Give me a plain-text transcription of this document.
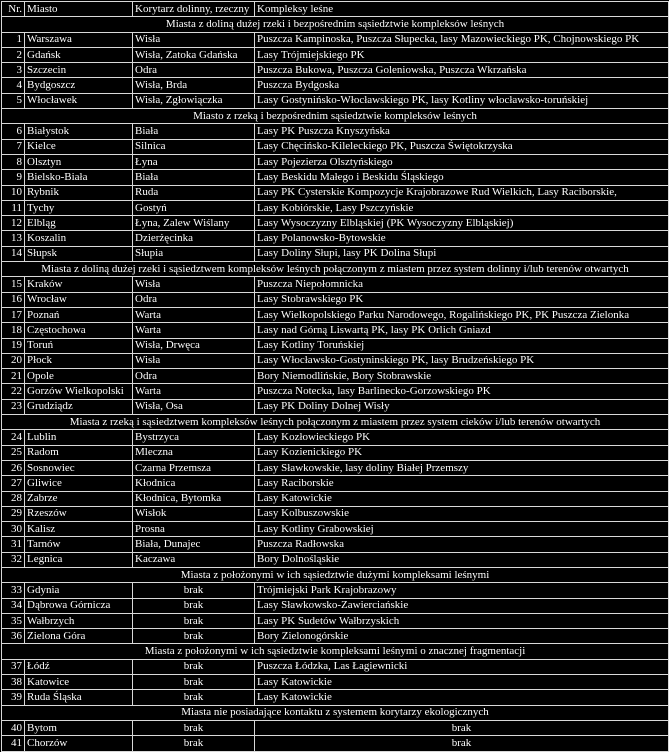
Nr.	Miasto	Korytarz dolinny, rzeczny	Kompleksy leśne
Miasta z doliną dużej rzeki i bezpośrednim sąsiedztwie kompleksów leśnych			
1	Warszawa	Wisła	Puszcza Kampinoska, Puszcza Słupecka, lasy Mazowieckiego PK, Chojnowskiego PK
2	Gdańsk	Wisła, Zatoka Gdańska	Lasy Trójmiejskiego PK
3	Szczecin	Odra	Puszcza Bukowa, Puszcza Goleniowska, Puszcza Wkrzańska
4	Bydgoszcz	Wisła, Brda	Puszcza Bydgoska
5	Włocławek	Wisła, Zgłowiączka	Lasy Gostynińsko-Włocławskiego PK, lasy Kotliny włocławsko-toruńskiej
Miasto z rzeką i bezpośrednim sąsiedztwie kompleksów leśnych			
6	Białystok	Biała	Lasy PK Puszcza Knyszyńska
7	Kielce	Silnica	Lasy Chęcińsko-Kileleckiego PK, Puszcza Świętokrzyska
8	Olsztyn	Łyna	Lasy Pojezierza Olsztyńskiego
9	Bielsko-Biała	Biała	Lasy Beskidu Małego i Beskidu Śląskiego
10	Rybnik	Ruda	Lasy PK Cysterskie Kompozycje Krajobrazowe Rud Wielkich, Lasy Raciborskie,
11	Tychy	Gostyń	Lasy Kobiórskie, Lasy Pszczyńskie
12	Elbląg	Łyna, Zalew Wiślany	Lasy Wysoczyzny Elbląskiej (PK Wysoczyzny Elbląskiej)
13	Koszalin	Dzierżęcinka	Lasy Polanowsko-Bytowskie
14	Słupsk	Słupia	Lasy Doliny Słupi, lasy PK Dolina Słupi
Miasta z doliną dużej rzeki i sąsiedztwem kompleksów leśnych połączonym z miastem przez system dolinny i/lub terenów otwartych			
15	Kraków	Wisła	Puszcza Niepołomnicka
16	Wrocław	Odra	Lasy Stobrawskiego PK
17	Poznań	Warta	Lasy Wielkopolskiego Parku Narodowego, Rogalińskiego PK, PK Puszcza Zielonka
18	Częstochowa	Warta	Lasy nad Górną Liswartą PK, lasy PK Orlich Gniazd
19	Toruń	Wisła, Drwęca	Lasy Kotliny Toruńskiej
20	Płock	Wisła	Lasy Włocławsko-Gostyninskiego PK, lasy Brudzeńskiego PK
21	Opole	Odra	Bory Niemodlińskie, Bory Stobrawskie
22	Gorzów Wielkopolski	Warta	Puszcza Notecka, lasy Barlinecko-Gorzowskiego PK
23	Grudziądz	Wisła, Osa	Lasy PK Doliny Dolnej Wisły
Miasta z rzeką i sąsiedztwem kompleksów leśnych połączonym z miastem przez system cieków i/lub terenów otwartych			
24	Lublin	Bystrzyca	Lasy Kozłowieckiego PK
25	Radom	Mleczna	Lasy Kozienickiego PK
26	Sosnowiec	Czarna Przemsza	Lasy Sławkowskie, lasy doliny Białej Przemszy
27	Gliwice	Kłodnica	Lasy Raciborskie
28	Zabrze	Kłodnica, Bytomka	Lasy Katowickie
29	Rzeszów	Wisłok	Lasy Kolbuszowskie
30	Kalisz	Prosna	Lasy Kotliny Grabowskiej
31	Tarnów	Biała, Dunajec	Puszcza Radłowska
32	Legnica	Kaczawa	Bory Dolnośląskie
Miasta z położonymi w ich sąsiedztwie dużymi kompleksami leśnymi			
33	Gdynia	brak	Trójmiejski Park Krajobrazowy
34	Dąbrowa Górnicza	brak	Lasy Sławkowsko-Zawierciańskie
35	Wałbrzych	brak	Lasy PK Sudetów Wałbrzyskich
36	Zielona Góra	brak	Bory Zielonogórskie
Miasta z położonymi w ich sąsiedztwie kompleksami leśnymi o znacznej fragmentacji			
37	Łódź	brak	Puszcza Łódzka, Las Łagiewnicki
38	Katowice	brak	Lasy Katowickie
39	Ruda Śląska	brak	Lasy Katowickie
Miasta nie posiadające kontaktu z systemem korytarzy ekologicznych			
40	Bytom	brak	brak
41	Chorzów	brak	brak
